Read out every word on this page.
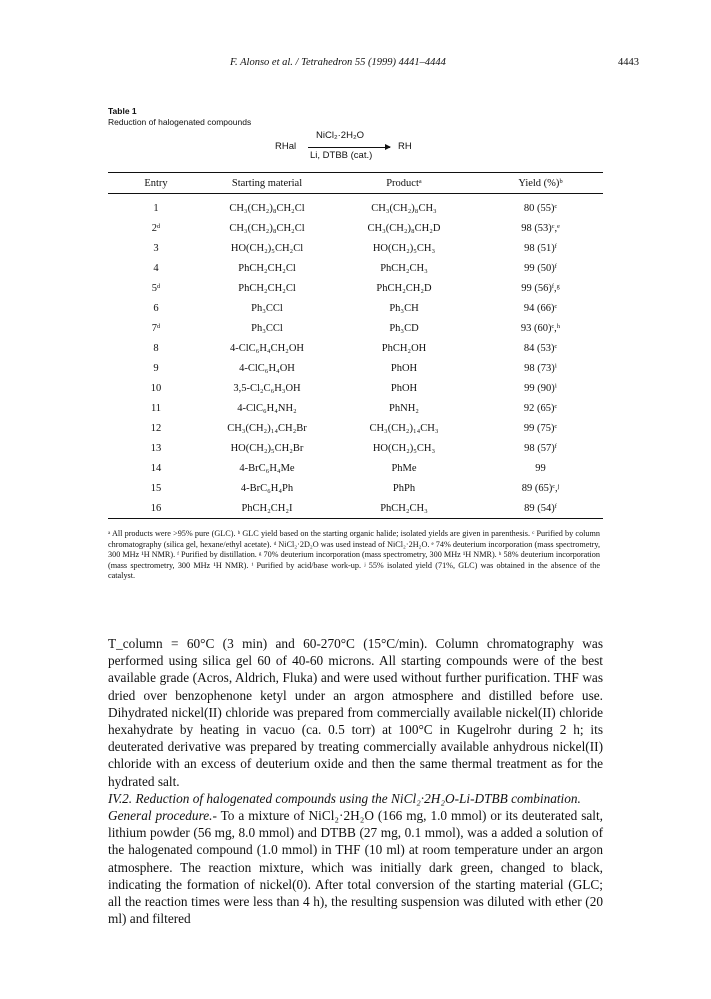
F. Alonso et al. / Tetrahedron 55 (1999) 4441–4444	4443
Table 1
Reduction of halogenated compounds
RHal
NiCl₂·2H₂O
Li, DTBB (cat.)
RH
Entry	Starting material	Productᵃ	Yield (%)ᵇ
1	CH₃(CH₂)₈CH₂Cl	CH₃(CH₂)₈CH₃	80 (55)ᶜ
2ᵈ	CH₃(CH₂)₈CH₂Cl	CH₃(CH₂)₈CH₂D	98 (53)ᶜ,ᵉ
3	HO(CH₂)₅CH₂Cl	HO(CH₂)₅CH₃	98 (51)ᶠ
4	PhCH₂CH₂Cl	PhCH₂CH₃	99 (50)ᶠ
5ᵈ	PhCH₂CH₂Cl	PhCH₂CH₂D	99 (56)ᶠ,ᵍ
6	Ph₃CCl	Ph₃CH	94 (66)ᶜ
7ᵈ	Ph₃CCl	Ph₃CD	93 (60)ᶜ,ʰ
8	4-ClC₆H₄CH₂OH	PhCH₂OH	84 (53)ᶜ
9	4-ClC₆H₄OH	PhOH	98 (73)ⁱ
10	3,5-Cl₂C₆H₃OH	PhOH	99 (90)ⁱ
11	4-ClC₆H₄NH₂	PhNH₂	92 (65)ᶜ
12	CH₃(CH₂)₁₄CH₂Br	CH₃(CH₂)₁₄CH₃	99 (75)ᶜ
13	HO(CH₂)₅CH₂Br	HO(CH₂)₅CH₃	98 (57)ᶠ
14	4-BrC₆H₄Me	PhMe	99
15	4-BrC₆H₄Ph	PhPh	89 (65)ᶜ,ʲ
16	PhCH₂CH₂I	PhCH₂CH₃	89 (54)ᶠ
ᵃ All products were >95% pure (GLC). ᵇ GLC yield based on the starting organic halide; isolated yields are given in parenthesis. ᶜ Purified by column chromatography (silica gel, hexane/ethyl acetate). ᵈ NiCl₂·2D₂O was used instead of NiCl₂·2H₂O. ᵉ 74% deuterium incorporation (mass spectrometry, 300 MHz ¹H NMR). ᶠ Purified by distillation. ᵍ 70% deuterium incorporation (mass spectrometry, 300 MHz ¹H NMR). ʰ 58% deuterium incorporation (mass spectrometry, 300 MHz ¹H NMR). ⁱ Purified by acid/base work-up. ʲ 55% isolated yield (71%, GLC) was obtained in the absence of the catalyst.

T_column = 60°C (3 min) and 60-270°C (15°C/min). Column chromatography was performed using silica gel 60 of 40-60 microns. All starting compounds were of the best available grade (Acros, Aldrich, Fluka) and were used without further purification. THF was dried over benzophenone ketyl under an argon atmosphere and distilled before use. Dihydrated nickel(II) chloride was prepared from commercially available nickel(II) chloride hexahydrate by heating in vacuo (ca. 0.5 torr) at 100°C in Kugelrohr during 2 h; its deuterated derivative was prepared by treating commercially available anhydrous nickel(II) chloride with an excess of deuterium oxide and then the same thermal treatment as for the hydrated salt.

IV.2. Reduction of halogenated compounds using the NiCl₂·2H₂O-Li-DTBB combination.

General procedure.- To a mixture of NiCl₂·2H₂O (166 mg, 1.0 mmol) or its deuterated salt, lithium powder (56 mg, 8.0 mmol) and DTBB (27 mg, 0.1 mmol), was a added a solution of the halogenated compound (1.0 mmol) in THF (10 ml) at room temperature under an argon atmosphere. The reaction mixture, which was initially dark green, changed to black, indicating the formation of nickel(0). After total conversion of the starting material (GLC; all the reaction times were less than 4 h), the resulting suspension was diluted with ether (20 ml) and filtered
